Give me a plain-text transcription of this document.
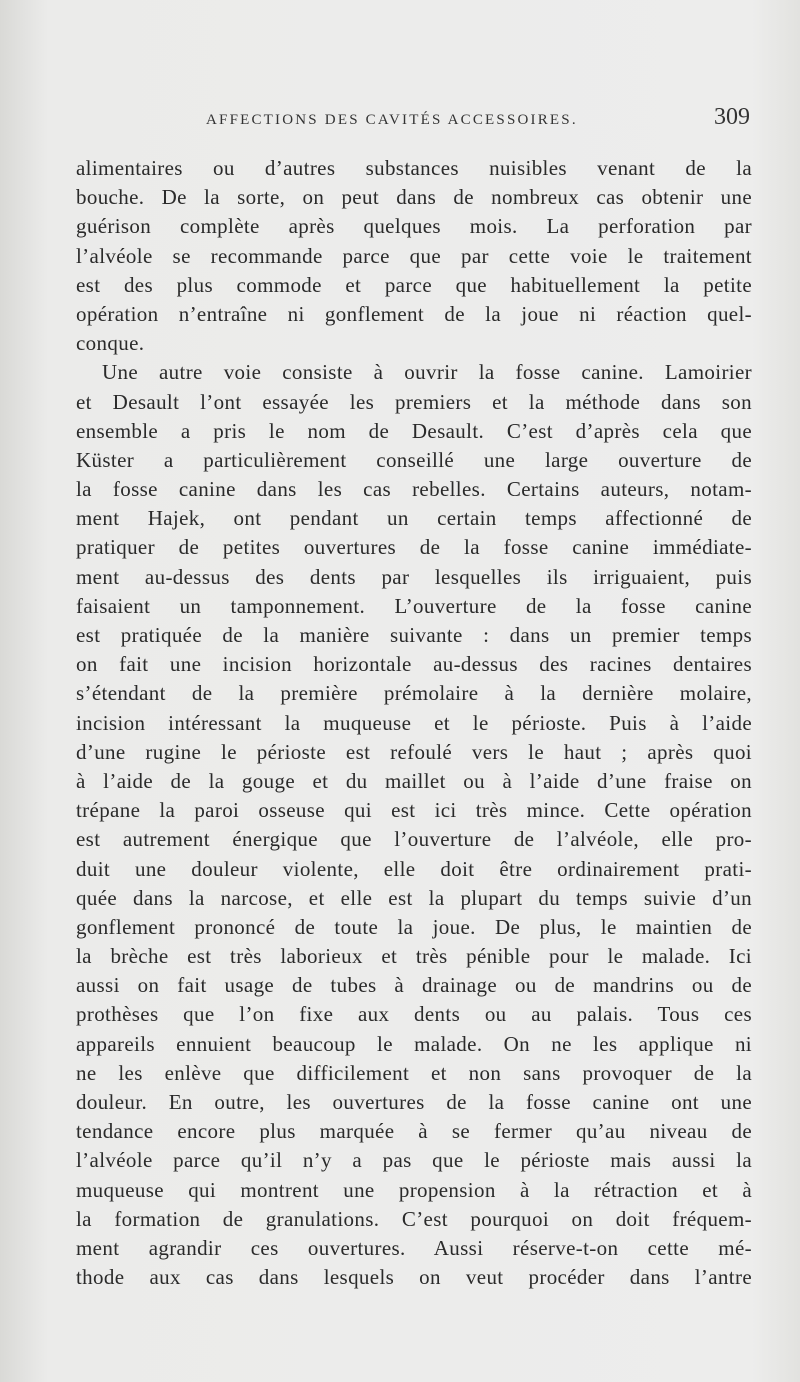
AFFECTIONS DES CAVITÉS ACCESSOIRES.	309
alimentaires ou d’autres substances nuisibles venant de la
bouche. De la sorte, on peut dans de nombreux cas obtenir une
guérison complète après quelques mois. La perforation par
l’alvéole se recommande parce que par cette voie le traitement
est des plus commode et parce que habituellement la petite
opération n’entraîne ni gonflement de la joue ni réaction quel-
conque.
Une autre voie consiste à ouvrir la fosse canine. Lamoirier
et Desault l’ont essayée les premiers et la méthode dans son
ensemble a pris le nom de Desault. C’est d’après cela que
Küster a particulièrement conseillé une large ouverture de
la fosse canine dans les cas rebelles. Certains auteurs, notam-
ment Hajek, ont pendant un certain temps affectionné de
pratiquer de petites ouvertures de la fosse canine immédiate-
ment au-dessus des dents par lesquelles ils irriguaient, puis
faisaient un tamponnement. L’ouverture de la fosse canine
est pratiquée de la manière suivante : dans un premier temps
on fait une incision horizontale au-dessus des racines dentaires
s’étendant de la première prémolaire à la dernière molaire,
incision intéressant la muqueuse et le périoste. Puis à l’aide
d’une rugine le périoste est refoulé vers le haut ; après quoi
à l’aide de la gouge et du maillet ou à l’aide d’une fraise on
trépane la paroi osseuse qui est ici très mince. Cette opération
est autrement énergique que l’ouverture de l’alvéole, elle pro-
duit une douleur violente, elle doit être ordinairement prati-
quée dans la narcose, et elle est la plupart du temps suivie d’un
gonflement prononcé de toute la joue. De plus, le maintien de
la brèche est très laborieux et très pénible pour le malade. Ici
aussi on fait usage de tubes à drainage ou de mandrins ou de
prothèses que l’on fixe aux dents ou au palais. Tous ces
appareils ennuient beaucoup le malade. On ne les applique ni
ne les enlève que difficilement et non sans provoquer de la
douleur. En outre, les ouvertures de la fosse canine ont une
tendance encore plus marquée à se fermer qu’au niveau de
l’alvéole parce qu’il n’y a pas que le périoste mais aussi la
muqueuse qui montrent une propension à la rétraction et à
la formation de granulations. C’est pourquoi on doit fréquem-
ment agrandir ces ouvertures. Aussi réserve-t-on cette mé-
thode aux cas dans lesquels on veut procéder dans l’antre
